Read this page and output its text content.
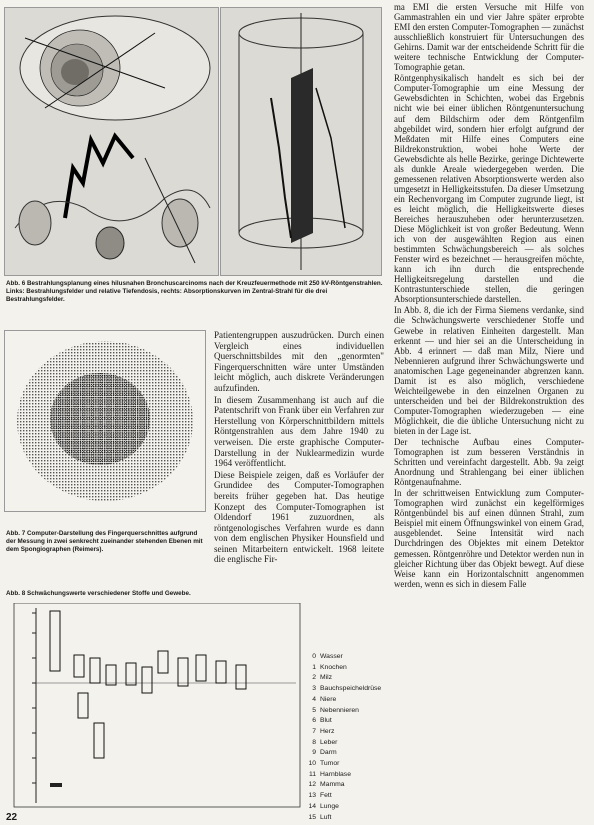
Abb. 6 Bestrahlungsplanung eines hilusnahen Bronchuscarcinoms nach der Kreuzfeuermethode mit 250 kV-Röntgenstrahlen. Links: Bestrahlungsfelder und relative Tiefendosis, rechts: Absorptionskurven im Zentral-Strahl für die drei Bestrahlungsfelder.
Abb. 7 Computer-Darstellung des Fingerquerschnittes aufgrund der Messung in zwei senkrecht zueinander stehenden Ebenen mit dem Spongiographen (Reimers).

Patientengruppen auszudrücken. Durch einen Vergleich eines individuellen Querschnittsbildes mit den „genormten" Fingerquerschnitten wäre unter Umständen leicht möglich, auch diskrete Veränderungen aufzufinden.

In diesem Zusammenhang ist auch auf die Patentschrift von Frank über ein Verfahren zur Herstellung von Körperschnittbildern mittels Röntgenstrahlen aus dem Jahre 1940 zu verweisen. Die erste graphische Computer-Darstellung in der Nuklearmedizin wurde 1964 veröffentlicht.

Diese Beispiele zeigen, daß es Vorläufer der Grundidee des Computer-Tomographen bereits früher gegeben hat. Das heutige Konzept des Computer-Tomographen ist Oldendorf 1961 zuzuordnen, als röntgenologisches Verfahren wurde es dann von dem englischen Physiker Hounsfield und seinen Mitarbeitern entwickelt. 1968 leitete die englische Fir-

Abb. 8 Schwächungswerte verschiedener Stoffe und Gewebe.
0 Wasser
1 Knochen
2 Milz
3 Bauchspeicheldrüse
4 Niere
5 Nebennieren
6 Blut
7 Herz
8 Leber
9 Darm
10 Tumor
11 Harnblase
12 Mamma
13 Fett
14 Lunge
15 Luft

ma EMI die ersten Versuche mit Hilfe von Gammastrahlen ein und vier Jahre später erprobte EMI den ersten Computer-Tomographen — zunächst ausschließlich konstruiert für Untersuchungen des Gehirns. Damit war der entscheidende Schritt für die weitere technische Entwicklung der Computer-Tomographie getan.

Röntgenphysikalisch handelt es sich bei der Computer-Tomographie um eine Messung der Gewebsdichten in Schichten, wobei das Ergebnis nicht wie bei einer üblichen Röntgenuntersuchung auf dem Bildschirm oder dem Röntgenfilm abgebildet wird, sondern hier erfolgt aufgrund der Meßdaten mit Hilfe eines Computers eine Bildrekonstruktion, wobei hohe Werte der Gewebsdichte als helle Bezirke, geringe Dichtewerte als dunkle Areale wiedergegeben werden. Die gemessenen relativen Absorptionswerte werden also umgesetzt in Helligkeitsstufen. Da dieser Umsetzung ein Rechenvorgang im Computer zugrunde liegt, ist es leicht möglich, die Helligkeitswerte dieses Bereiches herauszuheben oder herunterzusetzen. Diese Möglichkeit ist von großer Bedeutung. Wenn ich von der ausgewählten Region aus einen bestimmten Schwächungsbereich — als solches Fenster wird es bezeichnet — herausgreifen möchte, kann ich ihn durch die entsprechende Helligkeitsregelung darstellen und die Kontrastunterschiede stellen, die geringen Absorptionsunterschiede darstellen.

In Abb. 8, die ich der Firma Siemens verdanke, sind die Schwächungswerte verschiedener Stoffe und Gewebe in relativen Einheiten dargestellt. Man erkennt — und hier sei an die Unterscheidung in Abb. 4 erinnert — daß man Milz, Niere und Nebennieren aufgrund ihrer Schwächungswerte und anatomischen Lage gegeneinander abgrenzen kann. Damit ist es also möglich, verschiedene Weichteilgewebe in den einzelnen Organen zu unterscheiden und bei der Bildrekonstruktion des Computer-Tomographen wiederzugeben — eine Möglichkeit, die die übliche Untersuchung nicht zu bieten in der Lage ist.

Der technische Aufbau eines Computer-Tomographen ist zum besseren Verständnis in Schritten und vereinfacht dargestellt. Abb. 9a zeigt Anordnung und Strahlengang bei einer üblichen Röntgenaufnahme.

In der schrittweisen Entwicklung zum Computer-Tomographen wird zunächst ein kegelförmiges Röntgenbündel bis auf einen dünnen Strahl, zum Beispiel mit einem Öffnungswinkel von einem Grad, ausgeblendet. Seine Intensität wird nach Durchdringen des Objektes mit einem Detektor gemessen. Röntgenröhre und Detektor werden nun in gleicher Richtung über das Objekt bewegt. Auf diese Weise kann ein Horizontalschnitt angenommen werden, wenn es sich in diesem Falle

22
